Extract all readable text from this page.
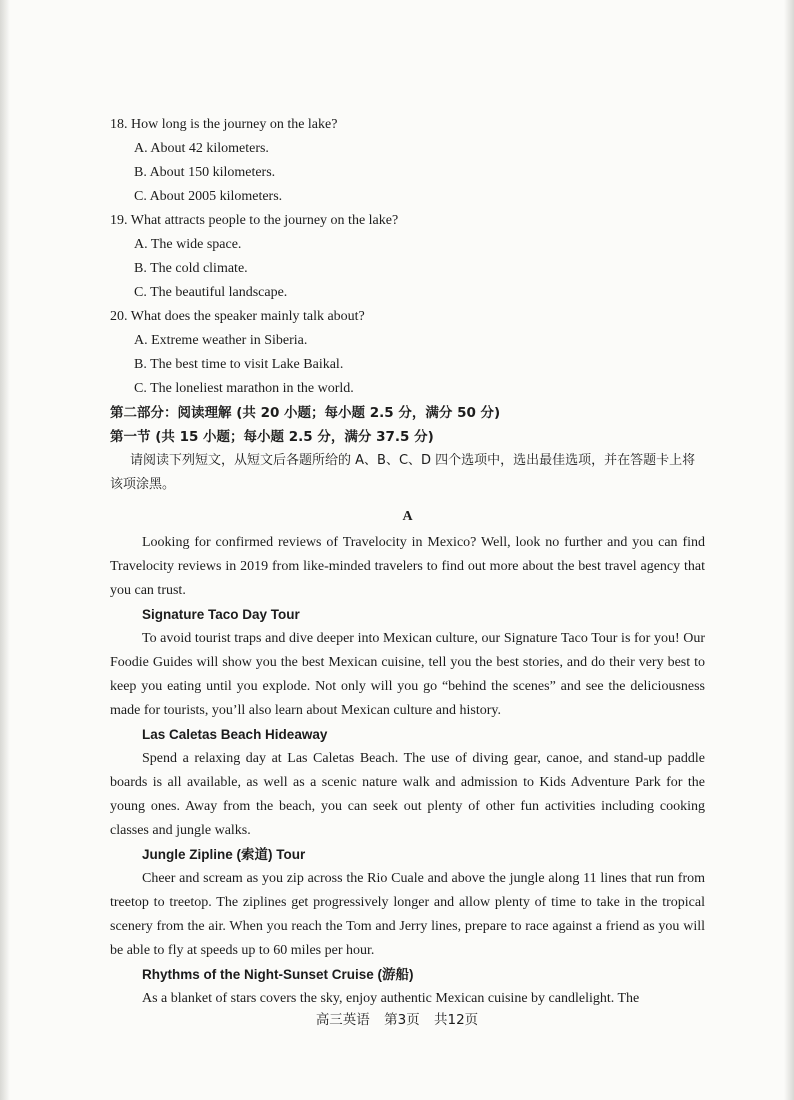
18. How long is the journey on the lake?

A. About 42 kilometers.

B. About 150 kilometers.

C. About 2005 kilometers.

19. What attracts people to the journey on the lake?

A. The wide space.

B. The cold climate.

C. The beautiful landscape.

20. What does the speaker mainly talk about?

A. Extreme weather in Siberia.

B. The best time to visit Lake Baikal.

C. The loneliest marathon in the world.

第二部分：阅读理解 (共 20 小题；每小题 2.5 分，满分 50 分)

第一节 (共 15 小题；每小题 2.5 分，满分 37.5 分)

请阅读下列短文，从短文后各题所给的 A、B、C、D 四个选项中，选出最佳选项，并在答题卡上将该项涂黑。

A

Looking for confirmed reviews of Travelocity in Mexico? Well, look no further and you can find Travelocity reviews in 2019 from like-minded travelers to find out more about the best travel agency that you can trust.

Signature Taco Day Tour

To avoid tourist traps and dive deeper into Mexican culture, our Signature Taco Tour is for you! Our Foodie Guides will show you the best Mexican cuisine, tell you the best stories, and do their very best to keep you eating until you explode. Not only will you go “behind the scenes” and see the deliciousness made for tourists, you’ll also learn about Mexican culture and history.

Las Caletas Beach Hideaway

Spend a relaxing day at Las Caletas Beach. The use of diving gear, canoe, and stand-up paddle boards is all available, as well as a scenic nature walk and admission to Kids Adventure Park for the young ones. Away from the beach, you can seek out plenty of other fun activities including cooking classes and jungle walks.

Jungle Zipline (索道) Tour

Cheer and scream as you zip across the Rio Cuale and above the jungle along 11 lines that run from treetop to treetop. The ziplines get progressively longer and allow plenty of time to take in the tropical scenery from the air. When you reach the Tom and Jerry lines, prepare to race against a friend as you will be able to fly at speeds up to 60 miles per hour.

Rhythms of the Night-Sunset Cruise (游船)

As a blanket of stars covers the sky, enjoy authentic Mexican cuisine by candlelight. The

高三英语 第3页 共12页
